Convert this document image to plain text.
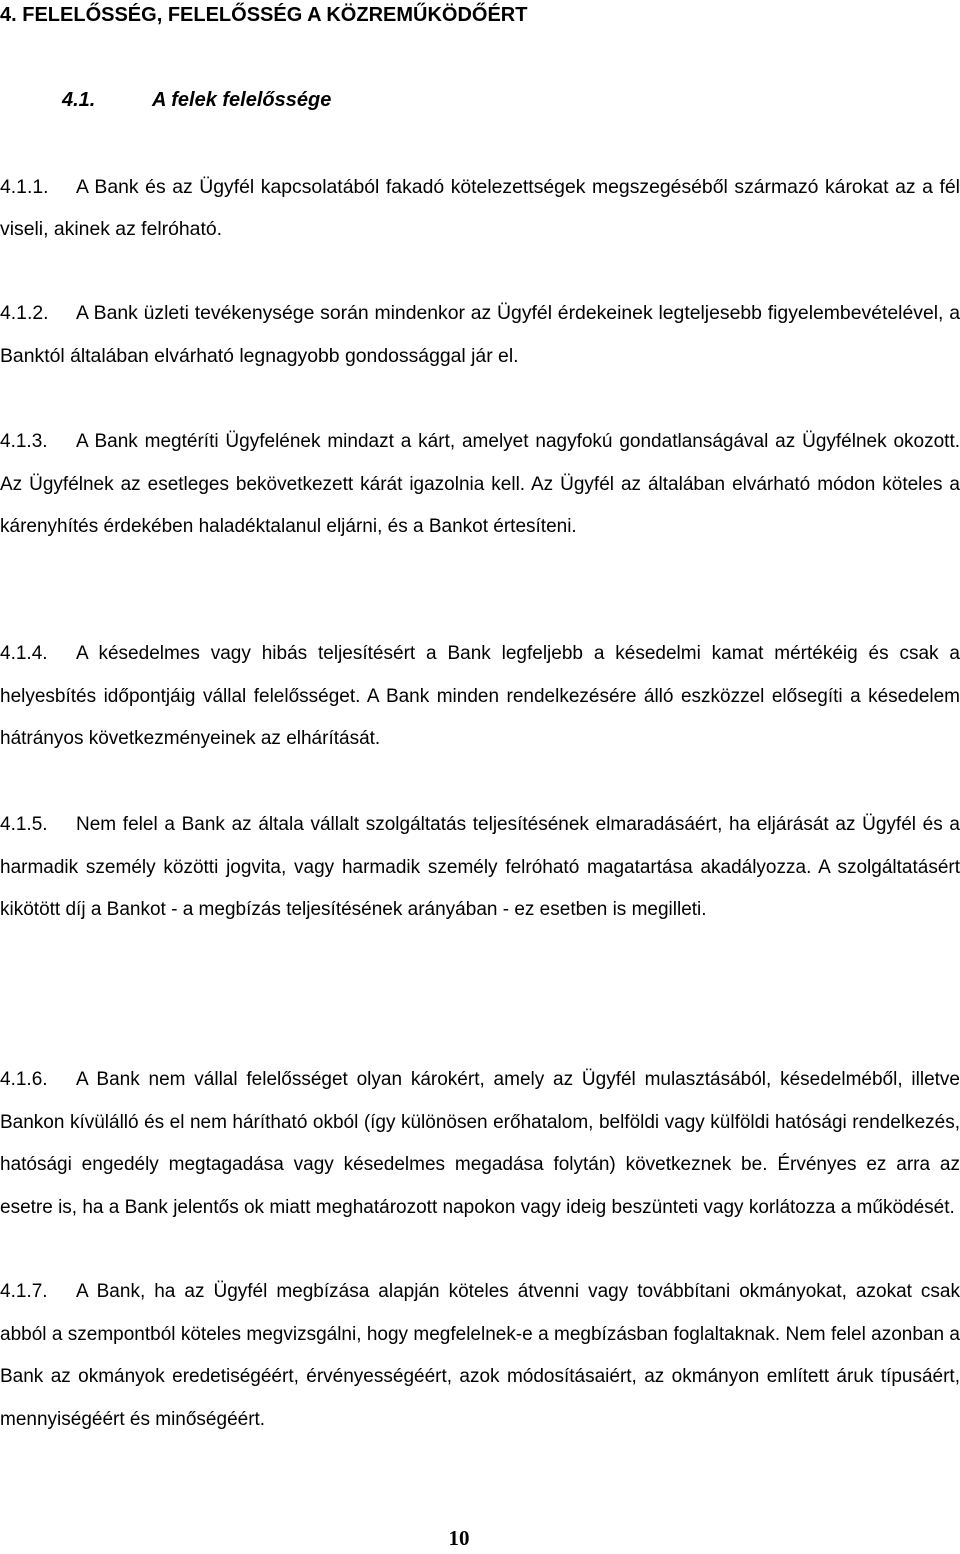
4. FELELŐSSÉG, FELELŐSSÉG A KÖZREMŰKÖDŐÉRT
4.1.	A felek felelőssége
4.1.1. A Bank és az Ügyfél kapcsolatából fakadó kötelezettségek megszegéséből származó károkat az a fél viseli, akinek az felróható.
4.1.2. A Bank üzleti tevékenysége során mindenkor az Ügyfél érdekeinek legteljesebb figyelembevételével, a Banktól általában elvárható legnagyobb gondossággal jár el.
4.1.3. A Bank megtéríti Ügyfelének mindazt a kárt, amelyet nagyfokú gondatlanságával az Ügyfélnek okozott. Az Ügyfélnek az esetleges bekövetkezett kárát igazolnia kell. Az Ügyfél az általában elvárható módon köteles a kárenyhítés érdekében haladéktalanul eljárni, és a Bankot értesíteni.
4.1.4. A késedelmes vagy hibás teljesítésért a Bank legfeljebb a késedelmi kamat mértékéig és csak a helyesbítés időpontjáig vállal felelősséget. A Bank minden rendelkezésére álló eszközzel elősegíti a késedelem hátrányos következményeinek az elhárítását.
4.1.5. Nem felel a Bank az általa vállalt szolgáltatás teljesítésének elmaradásáért, ha eljárását az Ügyfél és a harmadik személy közötti jogvita, vagy harmadik személy felróható magatartása akadályozza. A szolgáltatásért kikötött díj a Bankot - a megbízás teljesítésének arányában - ez esetben is megilleti.
4.1.6. A Bank nem vállal felelősséget olyan károkért, amely az Ügyfél mulasztásából, késedelméből, illetve Bankon kívülálló és el nem hárítható okból (így különösen erőhatalom, belföldi vagy külföldi hatósági rendelkezés, hatósági engedély megtagadása vagy késedelmes megadása folytán) következnek be. Érvényes ez arra az esetre is, ha a Bank jelentős ok miatt meghatározott napokon vagy ideig beszünteti vagy korlátozza a működését.
4.1.7. A Bank, ha az Ügyfél megbízása alapján köteles átvenni vagy továbbítani okmányokat, azokat csak abból a szempontból köteles megvizsgálni, hogy megfelelnek-e a megbízásban foglaltaknak. Nem felel azonban a Bank az okmányok eredetiségéért, érvényességéért, azok módosításaiért, az okmányon említett áruk típusáért, mennyiségéért és minőségéért.
10
